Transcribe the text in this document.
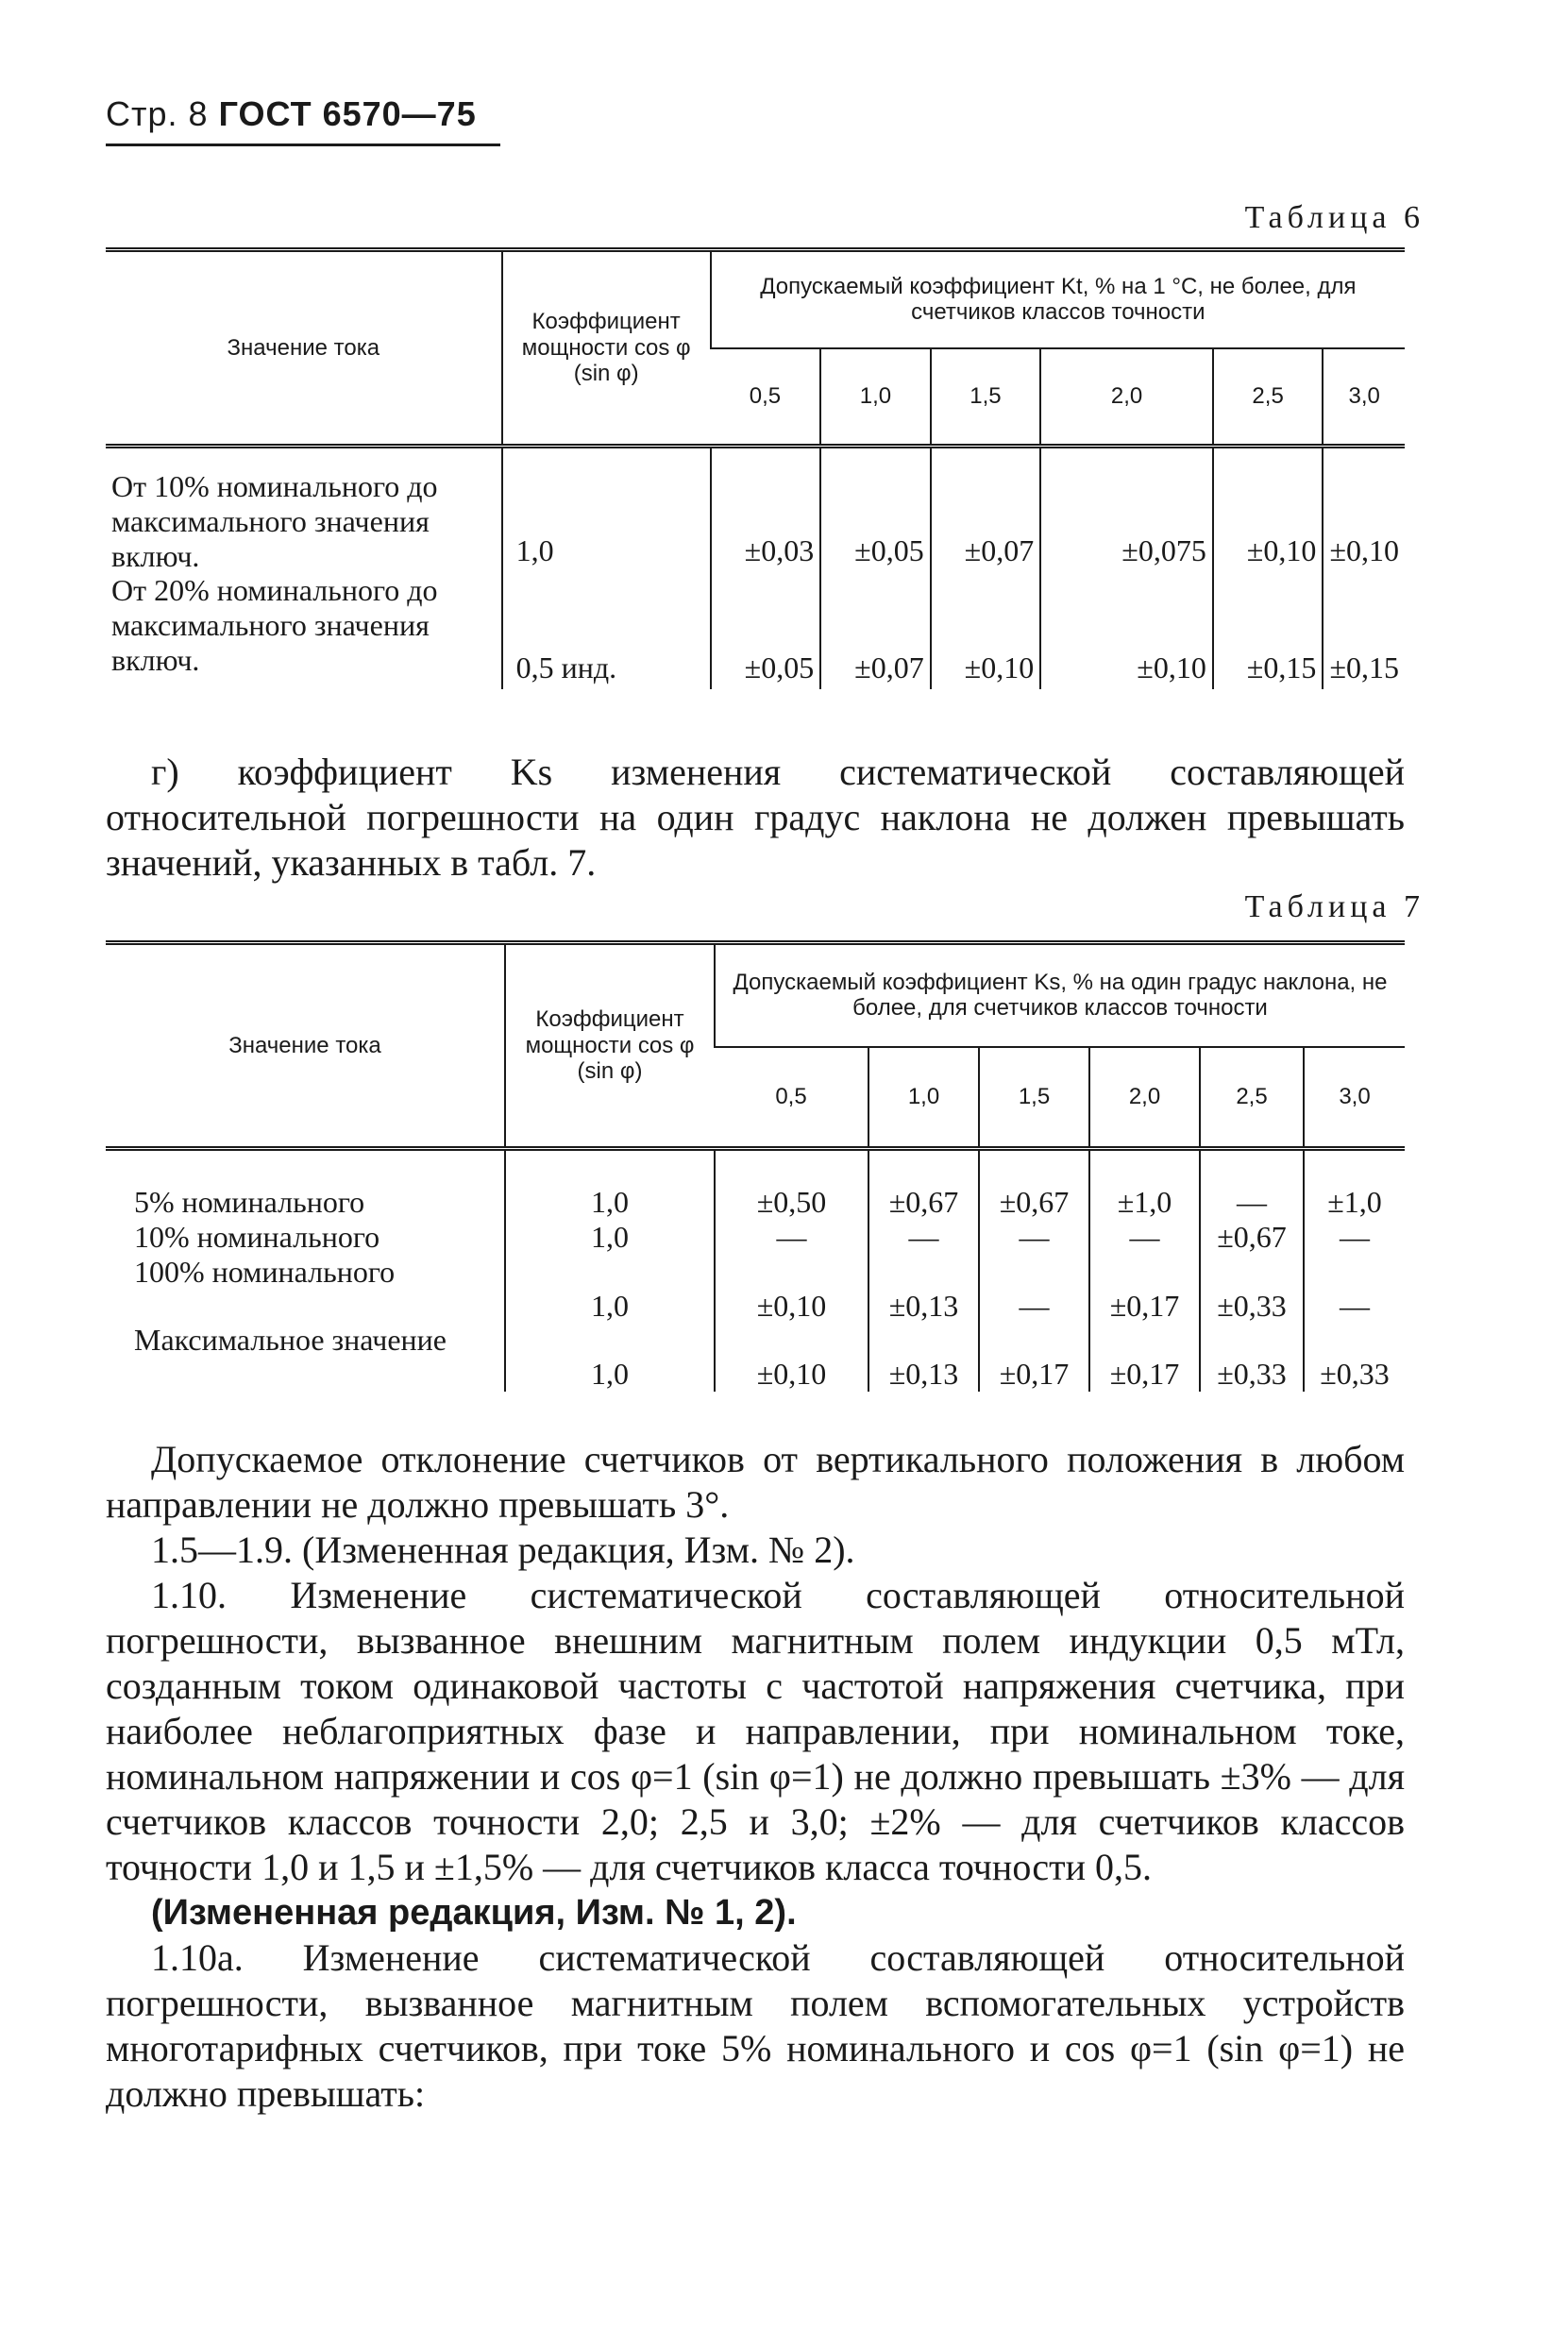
Стр. 8 ГОСТ 6570—75
Таблица 6
Значение тока	Коэффициент мощности cos φ (sin φ)	Допускаемый коэффициент Kt, % на 1 °С, не более, для счетчиков классов точности					
		0,5	1,0	1,5	2,0	2,5	3,0
От 10% номинального до максимального значения включ.	1,0	±0,03	±0,05	±0,07	±0,075	±0,10	±0,10
От 20% номинального до максимального значения включ.	0,5 инд.	±0,05	±0,07	±0,10	±0,10	±0,15	±0,15

г) коэффициент Ks изменения систематической составляющей относительной погрешности на один градус наклона не должен превышать значений, указанных в табл. 7.

Таблица 7
Значение тока	Коэффициент мощности cos φ (sin φ)	Допускаемый коэффициент Ks, % на один градус наклона, не более, для счетчиков классов точности					
		0,5	1,0	1,5	2,0	2,5	3,0
5% номинального	1,0	±0,50	±0,67	±0,67	±1,0	—	±1,0
10% номинального	1,0	—	—	—	—	±0,67	—
100% номинального	1,0	±0,10	±0,13	—	±0,17	±0,33	—
Максимальное значение	1,0	±0,10	±0,13	±0,17	±0,17	±0,33	±0,33

Допускаемое отклонение счетчиков от вертикального положения в любом направлении не должно превышать 3°.

1.5—1.9. (Измененная редакция, Изм. № 2).

1.10. Изменение систематической составляющей относительной погрешности, вызванное внешним магнитным полем индукции 0,5 мТл, созданным током одинаковой частоты с частотой напряжения счетчика, при наиболее неблагоприятных фазе и направлении, при номинальном токе, номинальном напряжении и cos φ=1 (sin φ=1) не должно превышать ±3% — для счетчиков классов точности 2,0; 2,5 и 3,0; ±2% — для счетчиков классов точности 1,0 и 1,5 и ±1,5% — для счетчиков класса точности 0,5.

(Измененная редакция, Изм. № 1, 2).

1.10а. Изменение систематической составляющей относительной погрешности, вызванное магнитным полем вспомогательных устройств многотарифных счетчиков, при токе 5% номинального и cos φ=1 (sin φ=1) не должно превышать:
